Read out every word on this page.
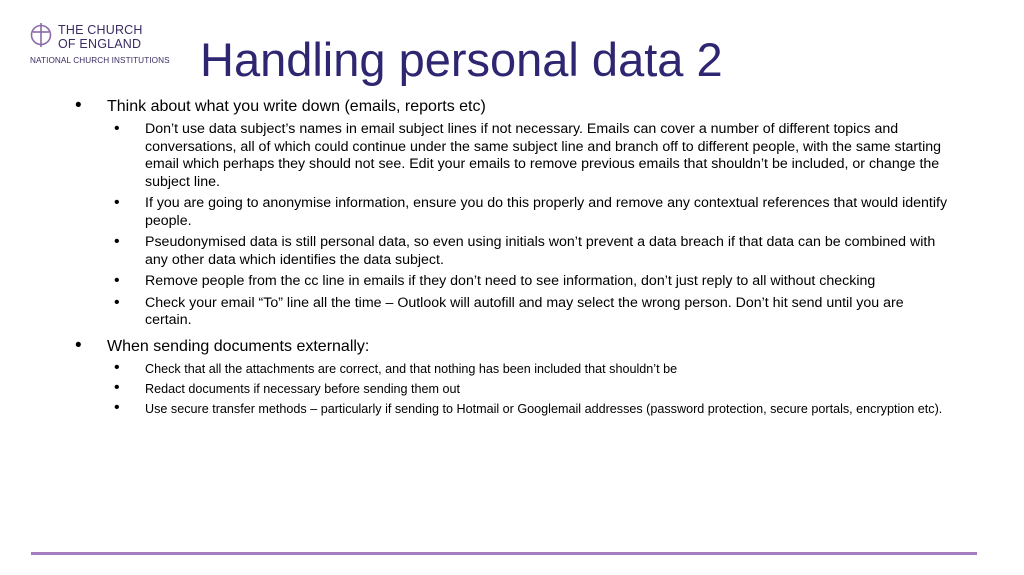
THE CHURCH
OF ENGLAND
NATIONAL CHURCH INSTITUTIONS Handling personal data 2
• Think about what you write down (emails, reports etc)
• Don’t use data subject’s names in email subject lines if not necessary. Emails can cover a number of different topics and conversations, all of which could continue under the same subject line and branch off to different people, with the same starting email which perhaps they should not see. Edit your emails to remove previous emails that shouldn’t be included, or change the subject line.
• If you are going to anonymise information, ensure you do this properly and remove any contextual references that would identify people.
• Pseudonymised data is still personal data, so even using initials won’t prevent a data breach if that data can be combined with any other data which identifies the data subject.
• Remove people from the cc line in emails if they don’t need to see information, don’t just reply to all without checking
• Check your email “To” line all the time – Outlook will autofill and may select the wrong person. Don’t hit send until you are certain.
• When sending documents externally:
• Check that all the attachments are correct, and that nothing has been included that shouldn’t be
• Redact documents if necessary before sending them out
• Use secure transfer methods – particularly if sending to Hotmail or Googlemail addresses (password protection, secure portals, encryption etc).
